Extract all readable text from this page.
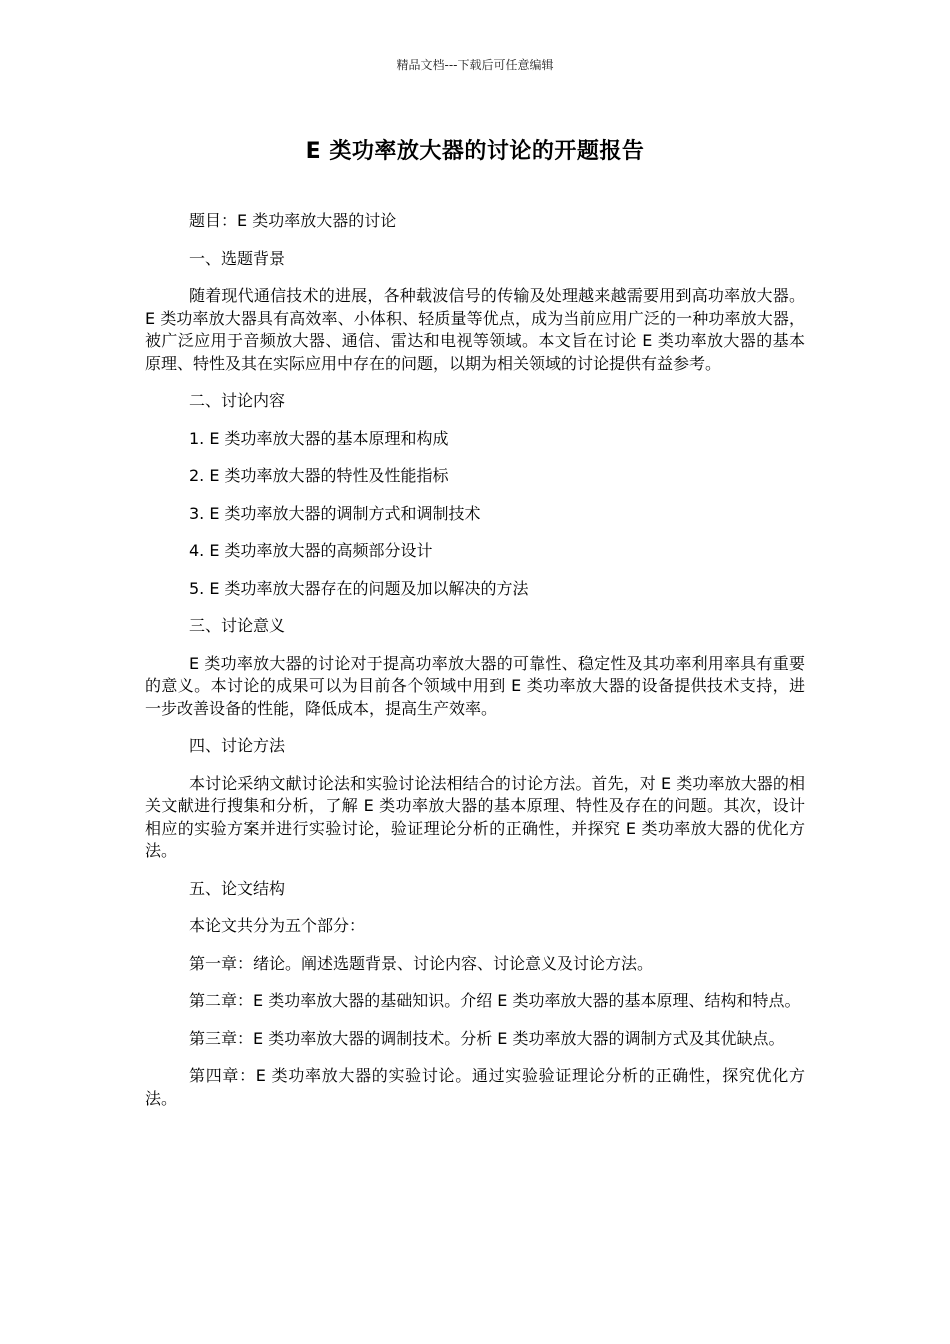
精品文档---下载后可任意编辑
E 类功率放大器的讨论的开题报告

题目：E 类功率放大器的讨论

一、选题背景

随着现代通信技术的进展，各种载波信号的传输及处理越来越需要用到高功率放大器。E 类功率放大器具有高效率、小体积、轻质量等优点，成为当前应用广泛的一种功率放大器，被广泛应用于音频放大器、通信、雷达和电视等领域。本文旨在讨论 E 类功率放大器的基本原理、特性及其在实际应用中存在的问题，以期为相关领域的讨论提供有益参考。

二、讨论内容

1. E 类功率放大器的基本原理和构成

2. E 类功率放大器的特性及性能指标

3. E 类功率放大器的调制方式和调制技术

4. E 类功率放大器的高频部分设计

5. E 类功率放大器存在的问题及加以解决的方法

三、讨论意义

E 类功率放大器的讨论对于提高功率放大器的可靠性、稳定性及其功率利用率具有重要的意义。本讨论的成果可以为目前各个领域中用到 E 类功率放大器的设备提供技术支持，进一步改善设备的性能，降低成本，提高生产效率。

四、讨论方法

本讨论采纳文献讨论法和实验讨论法相结合的讨论方法。首先，对 E 类功率放大器的相关文献进行搜集和分析，了解 E 类功率放大器的基本原理、特性及存在的问题。其次，设计相应的实验方案并进行实验讨论，验证理论分析的正确性，并探究 E 类功率放大器的优化方法。

五、论文结构

本论文共分为五个部分：

第一章：绪论。阐述选题背景、讨论内容、讨论意义及讨论方法。

第二章：E 类功率放大器的基础知识。介绍 E 类功率放大器的基本原理、结构和特点。

第三章：E 类功率放大器的调制技术。分析 E 类功率放大器的调制方式及其优缺点。

第四章：E 类功率放大器的实验讨论。通过实验验证理论分析的正确性，探究优化方法。
